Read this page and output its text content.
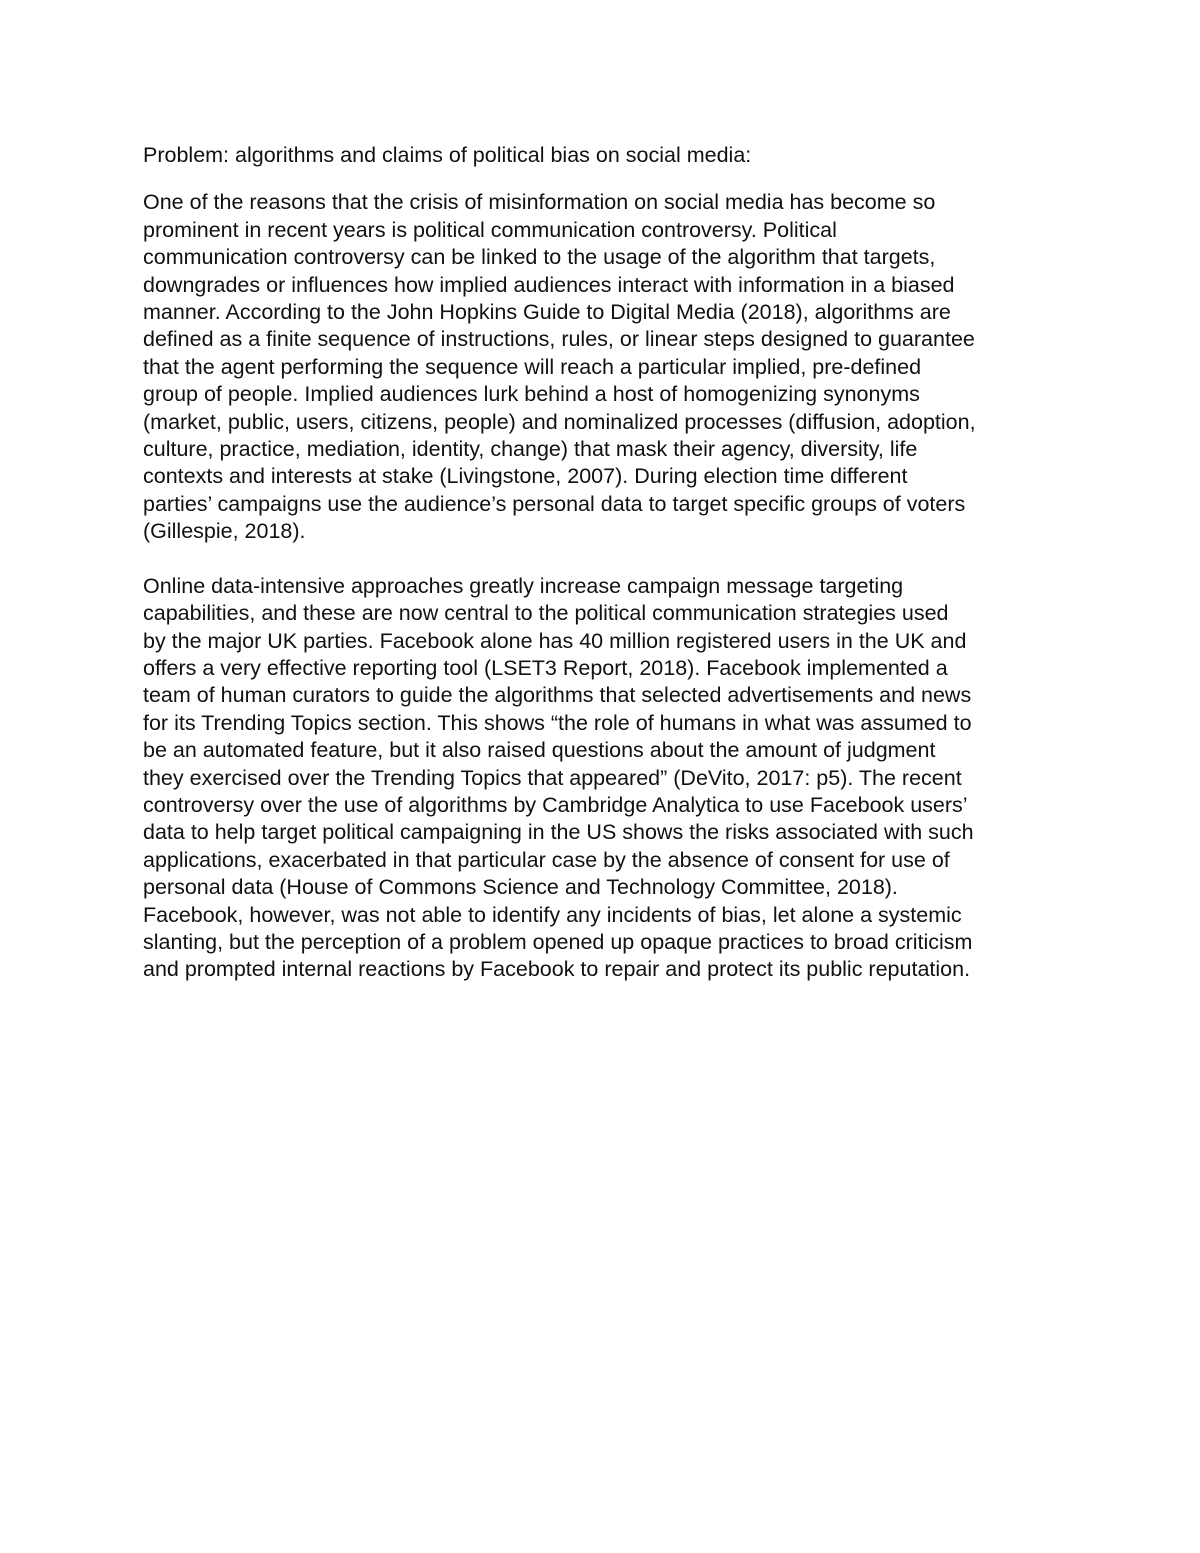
Problem: algorithms and claims of political bias on social media:
One of the reasons that the crisis of misinformation on social media has become so
prominent in recent years is political communication controversy. Political
communication controversy can be linked to the usage of the algorithm that targets,
downgrades or influences how implied audiences interact with information in a biased
manner. According to the John Hopkins Guide to Digital Media (2018), algorithms are
defined as a finite sequence of instructions, rules, or linear steps designed to guarantee
that the agent performing the sequence will reach a particular implied, pre-defined
group of people. Implied audiences lurk behind a host of homogenizing synonyms
(market, public, users, citizens, people) and nominalized processes (diffusion, adoption,
culture, practice, mediation, identity, change) that mask their agency, diversity, life
contexts and interests at stake (Livingstone, 2007). During election time different
parties’ campaigns use the audience’s personal data to target specific groups of voters
(Gillespie, 2018).
Online data-intensive approaches greatly increase campaign message targeting
capabilities, and these are now central to the political communication strategies used
by the major UK parties. Facebook alone has 40 million registered users in the UK and
offers a very effective reporting tool (LSET3 Report, 2018). Facebook implemented a
team of human curators to guide the algorithms that selected advertisements and news
for its Trending Topics section. This shows “the role of humans in what was assumed to
be an automated feature, but it also raised questions about the amount of judgment
they exercised over the Trending Topics that appeared” (DeVito, 2017: p5). The recent
controversy over the use of algorithms by Cambridge Analytica to use Facebook users’
data to help target political campaigning in the US shows the risks associated with such
applications, exacerbated in that particular case by the absence of consent for use of
personal data (House of Commons Science and Technology Committee, 2018).
Facebook, however, was not able to identify any incidents of bias, let alone a systemic
slanting, but the perception of a problem opened up opaque practices to broad criticism
and prompted internal reactions by Facebook to repair and protect its public reputation.
